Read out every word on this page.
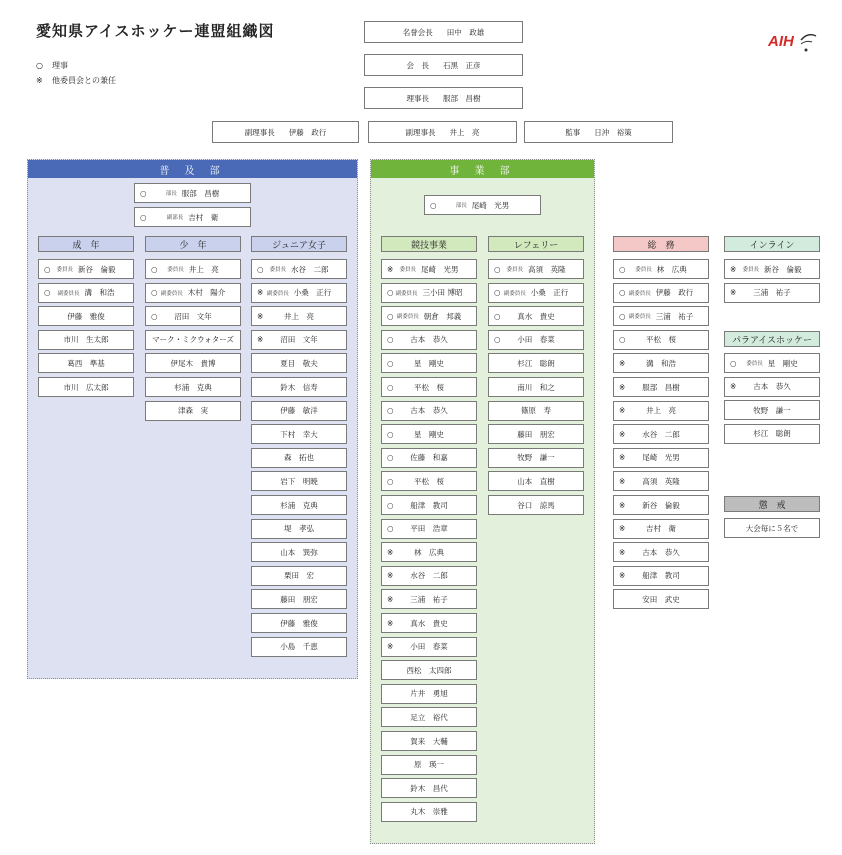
愛知県アイスホッケー連盟組織図
○ 理事
※ 他委員会との兼任
AIH
名誉会長 田中　政雄
会　長 石黒　正彦
理事長 服部　昌樹
副理事長 伊藤　政行	副理事長 井上　亮	監事 日沖　裕策
普 及 部	事 業 部
○	部長 服部　昌樹
○	副部長 吉村　衛
成　年
○ 委員長 新谷　倫毅
○ 副委員長 溝　和浩
伊藤　雅俊
市川　生太郎
葛西　準基
市川　広太郎
少　年
○ 委員長 井上　亮
○ 副委員長 木村　陽介
○ 沼田　文年
マーク・ミクウォターズ
伊尾木　貴博
杉浦　克典
津森　実
ジュニア女子
○ 委員長 水谷　二郎
※ 副委員長 小桑　正行
※	井上　亮
※ 沼田　文年
夏目　敬夫
鈴木　信寿
伊藤　敏洋
下村　幸大
森　拓也
岩下　明暁
杉浦　克典
堤　孝弘
山本　巽弥
栗田　宏
藤田　朋宏
伊藤　雅俊
小島　千恵
○	部長 尾崎　光男
競技事業
※ 委員長 尾崎　光男
○ 副委員長 三小田 博昭
○ 副委員長 朝倉　邦義
○ 古本　恭久
○	星　剛史
○	平松　桜
○ 古本　恭久
○	星　剛史
○ 佐藤　和嘉
○	平松　桜
○ 船津　教司
○ 平田　浩章
※	林　広典
※ 水谷　二郎
※ 三浦　祐子
※ 真水　貴史
※ 小田　春菜
西松　太四郎
片井　勇旭
足立　裕代
賀来　大輔
原　瑛一
鈴木　昌代
丸木　崇雅
レフェリー
○ 委員長 高須　英隆
○ 副委員長 小桑　正行
○ 真水　貴史
○ 小田　春菜
杉江　聡朗
南川　和之
篠原　寿
藤田　朋宏
牧野　謙一
山本　直樹
谷口　諒馬
総　務
○ 委員長 林　広典
○ 副委員長 伊藤　政行
○ 副委員長 三浦　祐子
○	平松　桜
※	溝　和浩
※ 服部　昌樹
※	井上　亮
※ 水谷　二郎
※ 尾崎　光男
※ 高須　英隆
※ 新谷　倫毅
※	吉村　衛
※ 古本　恭久
※ 船津　教司
安田　武史
インライン
※ 委員長 新谷　倫毅
※ 三浦　祐子
パラアイスホッケー
○ 委員長 星　剛史
※ 古本　恭久
牧野　謙一
杉江　聡朗
懲　戒
大会毎に５名で
